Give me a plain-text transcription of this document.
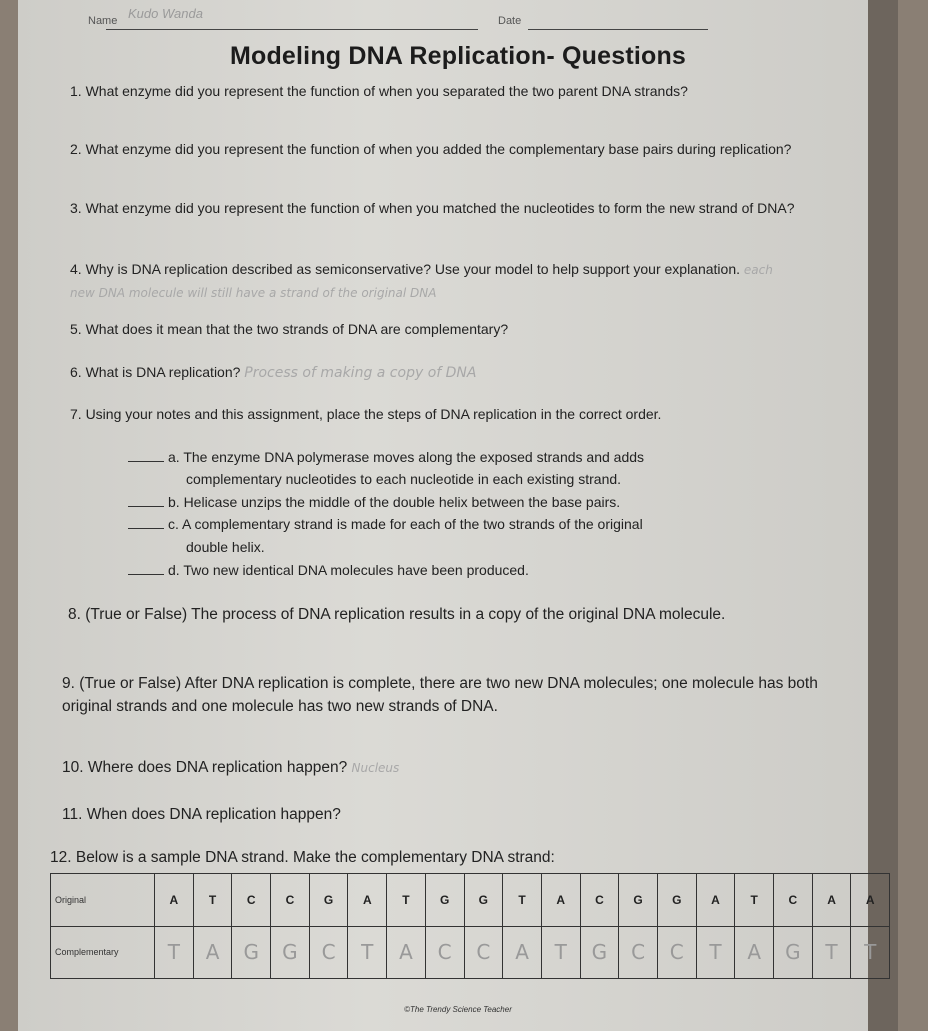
Name Kudo Wanda	Date
Modeling DNA Replication- Questions
1. What enzyme did you represent the function of when you separated the two parent DNA strands?
2. What enzyme did you represent the function of when you added the complementary base pairs during replication?
3. What enzyme did you represent the function of when you matched the nucleotides to form the new strand of DNA?
4. Why is DNA replication described as semiconservative? Use your model to help support your explanation. each new DNA molecule will still have a strand of the original DNA
5. What does it mean that the two strands of DNA are complementary?
6. What is DNA replication? Process of making a copy of DNA
7. Using your notes and this assignment, place the steps of DNA replication in the correct order.
a. The enzyme DNA polymerase moves along the exposed strands and adds
complementary nucleotides to each nucleotide in each existing strand.
b. Helicase unzips the middle of the double helix between the base pairs.
c. A complementary strand is made for each of the two strands of the original
double helix.
d. Two new identical DNA molecules have been produced.
8. (True or False) The process of DNA replication results in a copy of the original DNA molecule.
9. (True or False) After DNA replication is complete, there are two new DNA molecules; one molecule has both original strands and one molecule has two new strands of DNA.
10. Where does DNA replication happen? Nucleus
11. When does DNA replication happen?
12. Below is a sample DNA strand. Make the complementary DNA strand:
Original	A	T	C	C	G	A	T	G	G	T	A	C	G	G	A	T	C	A	A
Complementary	T	A	G	G	C	T	A	C	C	A	T	G	C	C	T	A	G	T	T
©The Trendy Science Teacher
